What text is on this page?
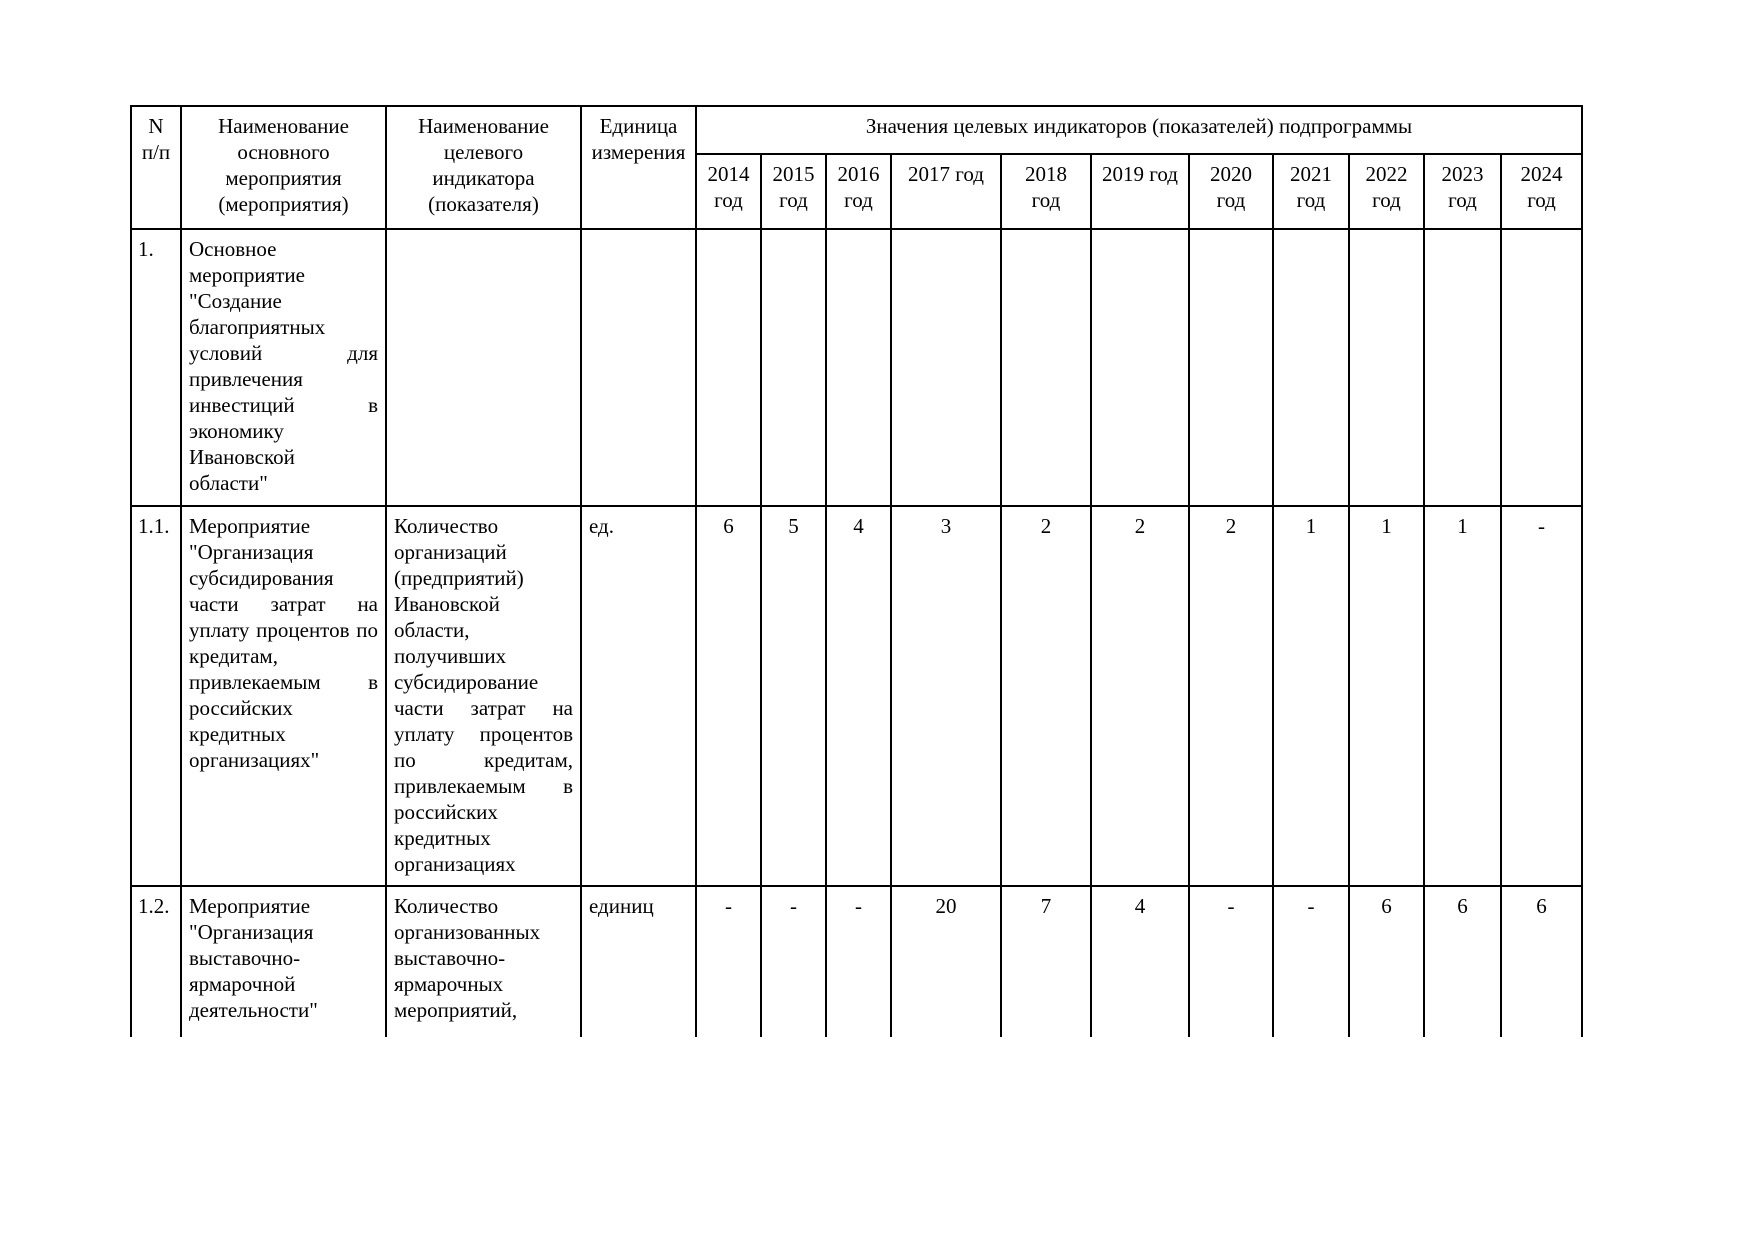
N п/п	Наименование основного мероприятия (мероприятия)	Наименование целевого индикатора (показателя)	Единица измерения	Значения целевых индикаторов (показателей) подпрограммы										
				2014 год	2015 год	2016 год	2017 год	2018 год	2019 год	2020 год	2021 год	2022 год	2023 год	2024 год
1.	Основное мероприятие "Создание благоприятных условий для привлечения инвестиций в экономику Ивановской области"													
1.1.	Мероприятие "Организация субсидирования части затрат на уплату процентов по кредитам, привлекаемым в российских кредитных организациях"	Количество организаций (предприятий) Ивановской области, получивших субсидирование части затрат на уплату процентов по кредитам, привлекаемым в российских кредитных организациях	ед.	6	5	4	3	2	2	2	1	1	1	-
1.2.	Мероприятие "Организация выставочно-ярмарочной деятельности"	Количество организованных выставочно-ярмарочных мероприятий,	единиц	-	-	-	20	7	4	-	-	6	6	6
